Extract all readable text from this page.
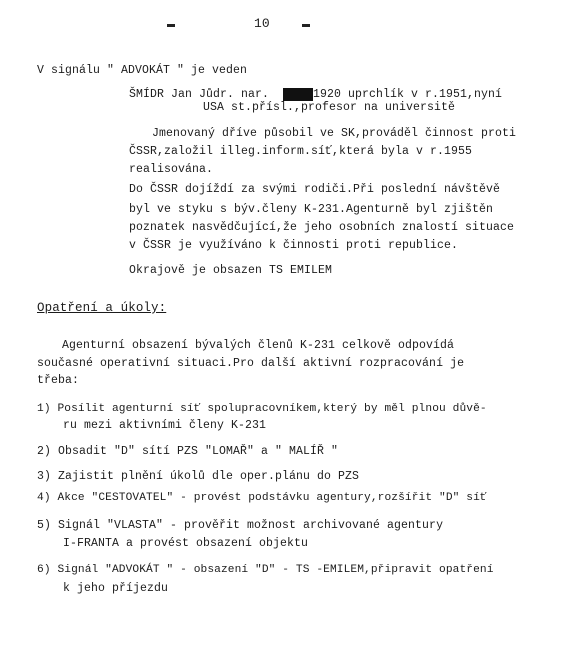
10
V signálu " ADVOKÁT " je veden
ŠMÍDR Jan Jůdr. nar.	1920 uprchlík v r.1951,nyní
USA st.přísl.,profesor na universitě
Jmenovaný dříve působil ve SK,prováděl činnost proti
ČSSR,založil illeg.inform.síť,která byla v r.1955
realisována.
Do ČSSR dojíždí za svými rodiči.Při poslední návštěvě
byl ve styku s býv.členy K-231.Agenturně byl zjištěn
poznatek nasvědčující,že jeho osobních znalostí situace
v ČSSR je využíváno k činnosti proti republice.
Okrajově je obsazen TS EMILEM
Opatření a úkoly:
Agenturní obsazení bývalých členů K-231 celkově odpovídá
současné operativní situaci.Pro další aktivní rozpracování je
třeba:
1) Posílit agenturní síť spolupracovníkem,který by měl plnou důvě-
ru mezi aktivními členy K-231
2) Obsadit "D" sítí PZS "LOMAŘ" a " MALÍŘ "
3) Zajistit plnění úkolů dle oper.plánu do PZS
4) Akce "CESTOVATEL" - provést podstávku agentury,rozšířit "D" síť
5) Signál "VLASTA" - prověřit možnost archivované agentury
I-FRANTA a provést obsazení objektu
6) Signál "ADVOKÁT " - obsazení "D" - TS -EMILEM,připravit opatření
k jeho příjezdu
